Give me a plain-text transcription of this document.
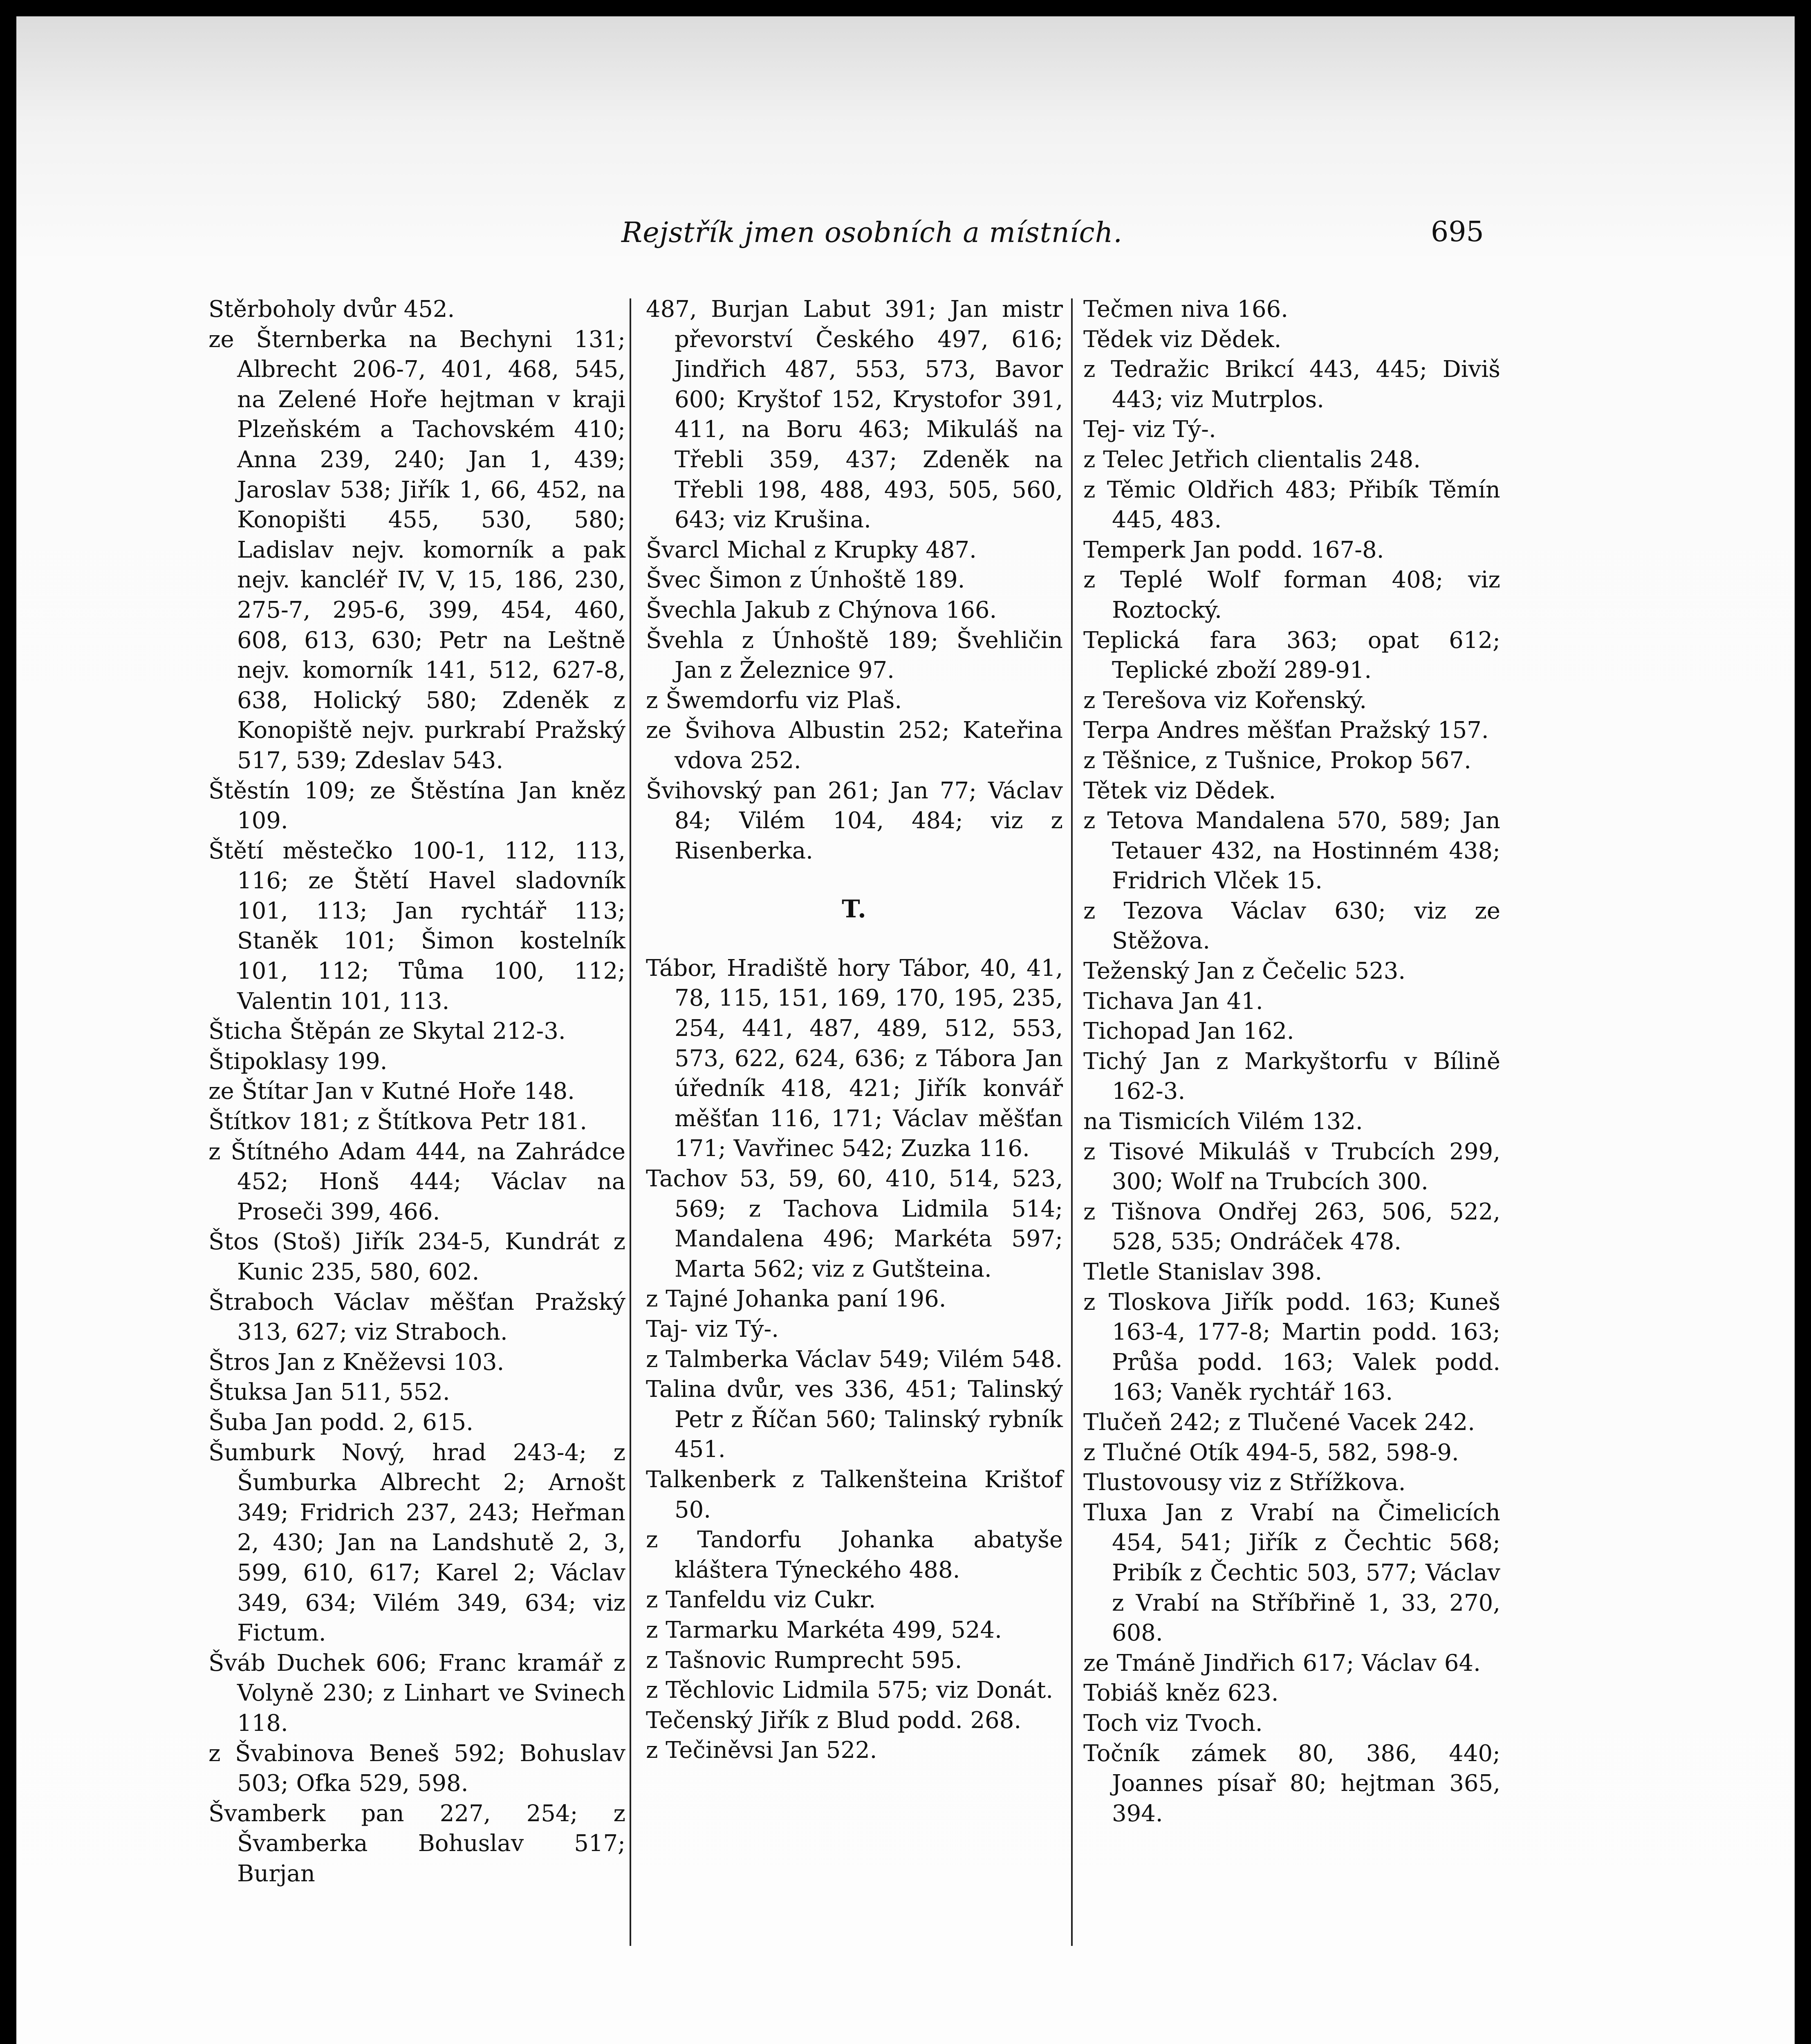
Rejstřík jmen osobních a místních.	695

Stěrboholy dvůr 452.

ze Šternberka na Bechyni 131; Albrecht 206-7, 401, 468, 545, na Zelené Hoře hejtman v kraji Plzeňském a Tachovském 410; Anna 239, 240; Jan 1, 439; Jaroslav 538; Jiřík 1, 66, 452, na Konopišti 455, 530, 580; Ladislav nejv. komorník a pak nejv. kancléř IV, V, 15, 186, 230, 275-7, 295-6, 399, 454, 460, 608, 613, 630; Petr na Leštně nejv. komorník 141, 512, 627-8, 638, Holický 580; Zdeněk z Konopiště nejv. purkrabí Pražský 517, 539; Zdeslav 543.

Štěstín 109; ze Štěstína Jan kněz 109.

Štětí městečko 100-1, 112, 113, 116; ze Štětí Havel sladovník 101, 113; Jan rychtář 113; Staněk 101; Šimon kostelník 101, 112; Tůma 100, 112; Valentin 101, 113.

Šticha Štěpán ze Skytal 212-3.

Štipoklasy 199.

ze Štítar Jan v Kutné Hoře 148.

Štítkov 181; z Štítkova Petr 181.

z Štítného Adam 444, na Zahrádce 452; Honš 444; Václav na Proseči 399, 466.

Štos (Stoš) Jiřík 234-5, Kundrát z Kunic 235, 580, 602.

Štraboch Václav měšťan Pražský 313, 627; viz Straboch.

Štros Jan z Kněževsi 103.

Štuksa Jan 511, 552.

Šuba Jan podd. 2, 615.

Šumburk Nový, hrad 243-4; z Šumburka Albrecht 2; Arnošt 349; Fridrich 237, 243; Heřman 2, 430; Jan na Landshutě 2, 3, 599, 610, 617; Karel 2; Václav 349, 634; Vilém 349, 634; viz Fictum.

Šváb Duchek 606; Franc kramář z Volyně 230; z Linhart ve Svinech 118.

z Švabinova Beneš 592; Bohuslav 503; Ofka 529, 598.

Švamberk pan 227, 254; z Švamberka Bohuslav 517; Burjan

487, Burjan Labut 391; Jan mistr převorství Českého 497, 616; Jindřich 487, 553, 573, Bavor 600; Kryštof 152, Krystofor 391, 411, na Boru 463; Mikuláš na Třebli 359, 437; Zdeněk na Třebli 198, 488, 493, 505, 560, 643; viz Krušina.

Švarcl Michal z Krupky 487.

Švec Šimon z Únhoště 189.

Švechla Jakub z Chýnova 166.

Švehla z Únhoště 189; Švehličin Jan z Železnice 97.

z Šwemdorfu viz Plaš.

ze Švihova Albustin 252; Kateřina vdova 252.

Švihovský pan 261; Jan 77; Václav 84; Vilém 104, 484; viz z Risenberka.

T.

Tábor, Hradiště hory Tábor, 40, 41, 78, 115, 151, 169, 170, 195, 235, 254, 441, 487, 489, 512, 553, 573, 622, 624, 636; z Tábora Jan úředník 418, 421; Jiřík konvář měšťan 116, 171; Václav měšťan 171; Vavřinec 542; Zuzka 116.

Tachov 53, 59, 60, 410, 514, 523, 569; z Tachova Lidmila 514; Mandalena 496; Markéta 597; Marta 562; viz z Gutšteina.

z Tajné Johanka paní 196.

Taj- viz Tý-.

z Talmberka Václav 549; Vilém 548.

Talina dvůr, ves 336, 451; Talinský Petr z Říčan 560; Talinský rybník 451.

Talkenberk z Talkenšteina Krištof 50.

z Tandorfu Johanka abatyše kláštera Týneckého 488.

z Tanfeldu viz Cukr.

z Tarmarku Markéta 499, 524.

z Tašnovic Rumprecht 595.

z Těchlovic Lidmila 575; viz Donát.

Tečenský Jiřík z Blud podd. 268.

z Tečiněvsi Jan 522.

Tečmen niva 166.

Tědek viz Dědek.

z Tedražic Brikcí 443, 445; Diviš 443; viz Mutrplos.

Tej- viz Tý-.

z Telec Jetřich clientalis 248.

z Těmic Oldřich 483; Přibík Těmín 445, 483.

Temperk Jan podd. 167-8.

z Teplé Wolf forman 408; viz Roztocký.

Teplická fara 363; opat 612; Teplické zboží 289-91.

z Terešova viz Kořenský.

Terpa Andres měšťan Pražský 157.

z Těšnice, z Tušnice, Prokop 567.

Tětek viz Dědek.

z Tetova Mandalena 570, 589; Jan Tetauer 432, na Hostinném 438; Fridrich Vlček 15.

z Tezova Václav 630; viz ze Stěžova.

Teženský Jan z Čečelic 523.

Tichava Jan 41.

Tichopad Jan 162.

Tichý Jan z Markyštorfu v Bílině 162-3.

na Tismicích Vilém 132.

z Tisové Mikuláš v Trubcích 299, 300; Wolf na Trubcích 300.

z Tišnova Ondřej 263, 506, 522, 528, 535; Ondráček 478.

Tletle Stanislav 398.

z Tloskova Jiřík podd. 163; Kuneš 163-4, 177-8; Martin podd. 163; Průša podd. 163; Valek podd. 163; Vaněk rychtář 163.

Tlučeň 242; z Tlučené Vacek 242.

z Tlučné Otík 494-5, 582, 598-9.

Tlustovousy viz z Střížkova.

Tluxa Jan z Vrabí na Čimelicích 454, 541; Jiřík z Čechtic 568; Pribík z Čechtic 503, 577; Václav z Vrabí na Stříbřině 1, 33, 270, 608.

ze Tmáně Jindřich 617; Václav 64.

Tobiáš kněz 623.

Toch viz Tvoch.

Točník zámek 80, 386, 440; Joannes písař 80; hejtman 365, 394.
